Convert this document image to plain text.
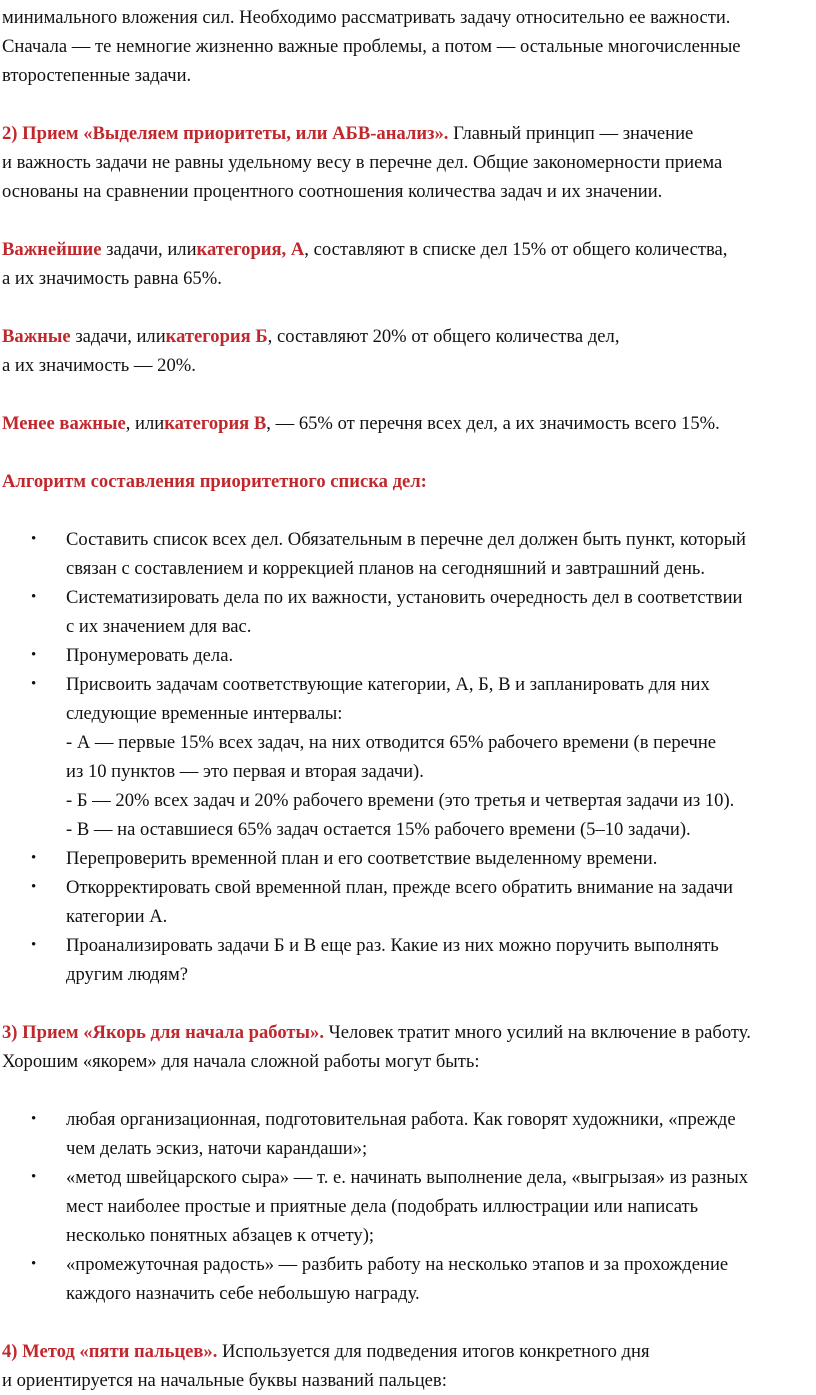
минимального вложения сил. Необходимо рассматривать задачу относительно ее важности.

Сначала — те немногие жизненно важные проблемы, а потом — остальные многочисленные

второстепенные задачи.

2) Прием «Выделяем приоритеты, или АБВ-анализ». Главный принцип — значение

и важность задачи не равны удельному весу в перечне дел. Общие закономерности приема

основаны на сравнении процентного соотношения количества задач и их значении.

Важнейшие задачи, иликатегория, А, составляют в списке дел 15% от общего количества,

а их значимость равна 65%.

Важные задачи, иликатегория Б, составляют 20% от общего количества дел,

а их значимость — 20%.

Менее важные, иликатегория В, — 65% от перечня всех дел, а их значимость всего 15%.

Алгоритм составления приоритетного списка дел:

• Составить список всех дел. Обязательным в перечне дел должен быть пункт, который
связан с составлением и коррекцией планов на сегодняшний и завтрашний день.
• Систематизировать дела по их важности, установить очередность дел в соответствии
с их значением для вас.
• Пронумеровать дела.
• Присвоить задачам соответствующие категории, А, Б, В и запланировать для них
следующие временные интервалы:
- А — первые 15% всех задач, на них отводится 65% рабочего времени (в перечне
из 10 пунктов — это первая и вторая задачи).
- Б — 20% всех задач и 20% рабочего времени (это третья и четвертая задачи из 10).
- В — на оставшиеся 65% задач остается 15% рабочего времени (5–10 задачи).
• Перепроверить временной план и его соответствие выделенному времени.
• Откорректировать свой временной план, прежде всего обратить внимание на задачи
категории А.
• Проанализировать задачи Б и В еще раз. Какие из них можно поручить выполнять
другим людям?

3) Прием «Якорь для начала работы». Человек тратит много усилий на включение в работу.

Хорошим «якорем» для начала сложной работы могут быть:

• любая организационная, подготовительная работа. Как говорят художники, «прежде
чем делать эскиз, наточи карандаши»;
• «метод швейцарского сыра» — т. е. начинать выполнение дела, «выгрызая» из разных
мест наиболее простые и приятные дела (подобрать иллюстрации или написать
несколько понятных абзацев к отчету);
• «промежуточная радость» — разбить работу на несколько этапов и за прохождение
каждого назначить себе небольшую награду.

4) Метод «пяти пальцев». Используется для подведения итогов конкретного дня

и ориентируется на начальные буквы названий пальцев:
